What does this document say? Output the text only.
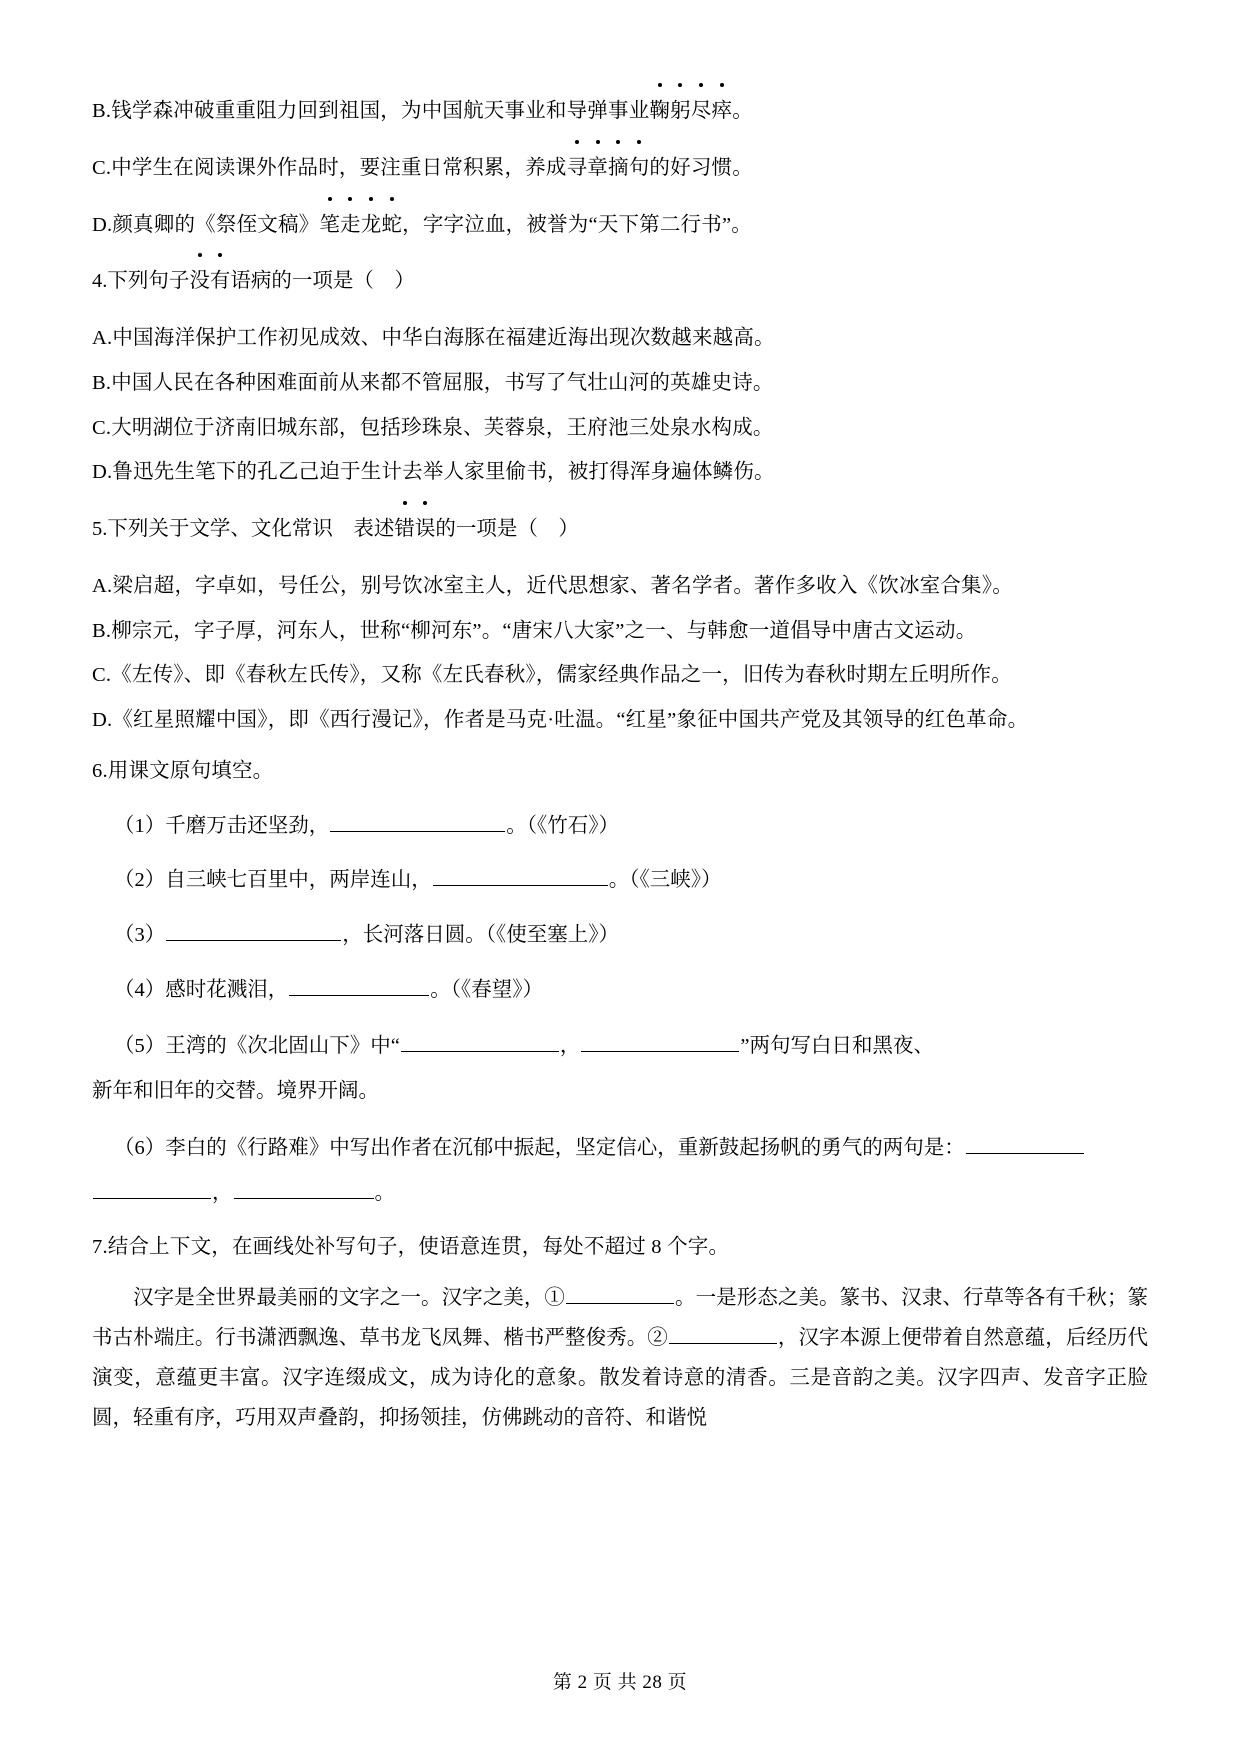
B.钱学森冲破重重阻力回到祖国，为中国航天事业和导弹事业
鞠躬尽瘁。
C.中学生在阅读课外作品时，要注重日常积累，养成
寻章摘句的好习惯。
D.颜真卿的《祭侄文稿》
笔走龙蛇，字字泣血，被誉为“天下第二行书”。
4.下列句子
没有语病的一项是（　）
A.中国海洋保护工作初见成效、中华白海豚在福建近海出现次数越来越高。
B.中国人民在各种困难面前从来都不管屈服，书写了气壮山河的英雄史诗。
C.大明湖位于济南旧城东部，包括珍珠泉、芙蓉泉，王府池三处泉水构成。
D.鲁迅先生笔下的孔乙己迫于生计去举人家里偷书，被打得浑身遍体鳞伤。
5.下列关于文学、文化常识　表述
错误的一项是（　）
A.梁启超，字卓如，号任公，别号饮冰室主人，近代思想家、著名学者。著作多收入《饮冰室合集》。
B.柳宗元，字子厚，河东人，世称“柳河东”。“唐宋八大家”之一、与韩愈一道倡导中唐古文运动。
C.《左传》、即《春秋左氏传》，又称《左氏春秋》，儒家经典作品之一，旧传为春秋时期左丘明所作。
D.《红星照耀中国》，即《西行漫记》，作者是马克·吐温。“红星”象征中国共产党及其领导的红色革命。
6.用课文原句填空。
（1）千磨万击还坚劲，	。（《竹石》）
（2）自三峡七百里中，两岸连山，	。（《三峡》）
（3）	，长河落日圆。（《使至塞上》）
（4）感时花溅泪，	。（《春望》）
（5）王湾的《次北固山下》中“	，	”两句写白日和黑夜、
新年和旧年的交替。境界开阔。
（6）李白的《行路难》中写出作者在沉郁中振起，坚定信心，重新鼓起扬帆的勇气的两句是：
，	。
7.结合上下文，在画线处补写句子，使语意连贯，每处不超过 8 个字。
汉字是全世界最美丽的文字之一。汉字之美，①	。一是形态之美。篆书、汉隶、行草等各有千秋；篆书古朴端庄。行书潇洒飘逸、草书龙飞凤舞、楷书严整俊秀。②	，汉字本源上便带着自然意蕴，后经历代演变，意蕴更丰富。汉字连缀成文，成为诗化的意象。散发着诗意的清香。三是音韵之美。汉字四声、发音字正脸圆，轻重有序，巧用双声叠韵，抑扬领挂，仿佛跳动的音符、和谐悦
第 2 页 共 28 页
